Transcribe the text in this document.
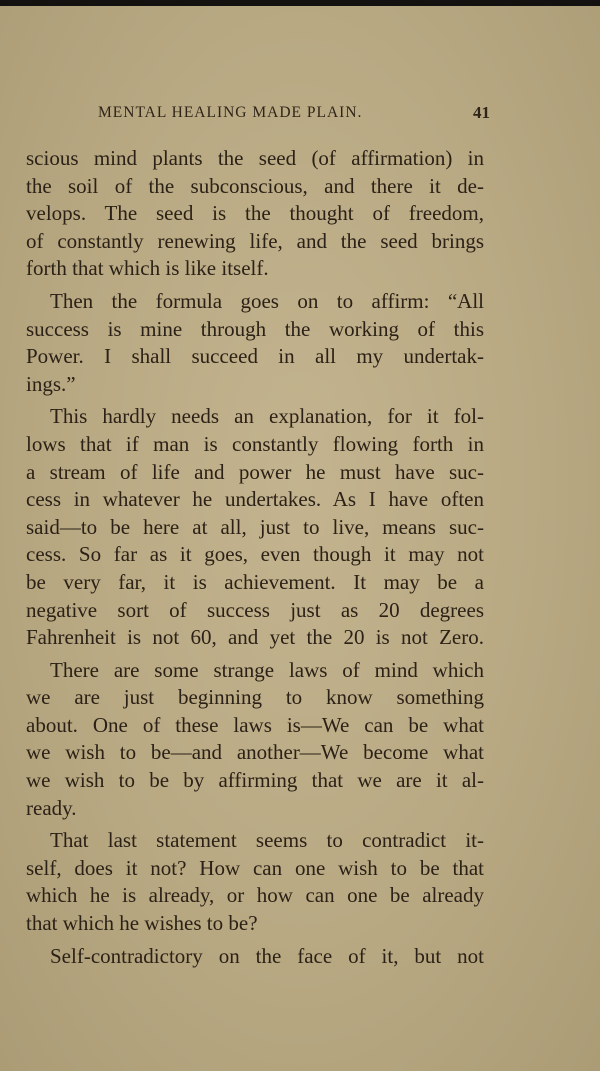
MENTAL HEALING MADE PLAIN.	41

scious mind plants the seed (of affirmation) in
the soil of the subconscious, and there it de-
velops. The seed is the thought of freedom,
of constantly renewing life, and the seed brings
forth that which is like itself.

Then the formula goes on to affirm: “All
success is mine through the working of this
Power. I shall succeed in all my undertak-
ings.”

This hardly needs an explanation, for it fol-
lows that if man is constantly flowing forth in
a stream of life and power he must have suc-
cess in whatever he undertakes. As I have often
said—to be here at all, just to live, means suc-
cess. So far as it goes, even though it may not
be very far, it is achievement. It may be a
negative sort of success just as 20 degrees
Fahrenheit is not 60, and yet the 20 is not Zero.

There are some strange laws of mind which
we are just beginning to know something
about. One of these laws is—We can be what
we wish to be—and another—We become what
we wish to be by affirming that we are it al-
ready.

That last statement seems to contradict it-
self, does it not? How can one wish to be that
which he is already, or how can one be already
that which he wishes to be?

Self-contradictory on the face of it, but not
